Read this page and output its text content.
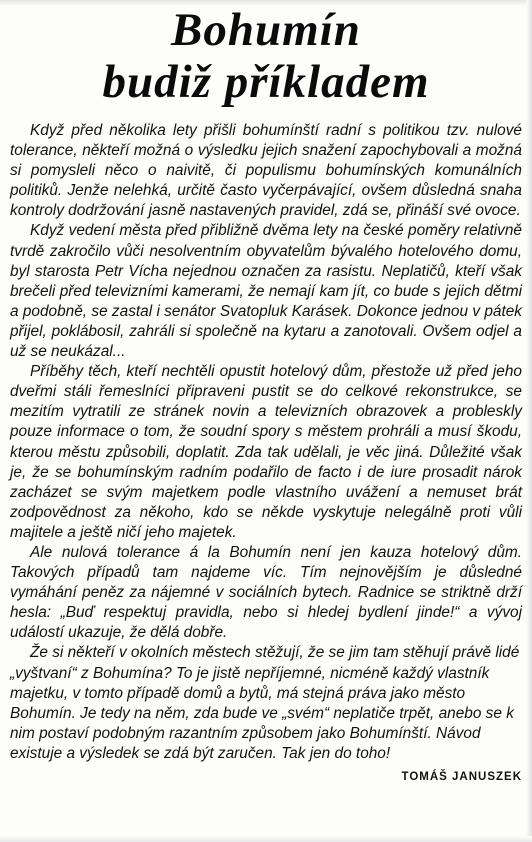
Bohumín
budiž příkladem

Když před několika lety přišli bohumínští radní s politikou tzv. nulové tolerance, někteří možná o výsledku jejich snažení zapochybovali a možná si pomysleli něco o naivitě, či populismu bohumínských komunálních politiků. Jenže nelehká, určitě často vyčerpávající, ovšem důsledná snaha kontroly dodržování jasně nastavených pravidel, zdá se, přináší své ovoce.

Když vedení města před přibližně dvěma lety na české poměry relativně tvrdě zakročilo vůči nesolventním obyvatelům bývalého hotelového domu, byl starosta Petr Vícha nejednou označen za rasistu. Neplatičů, kteří však brečeli před televizními kamerami, že nemají kam jít, co bude s jejich dětmi a podobně, se zastal i senátor Svatopluk Karásek. Dokonce jednou v pátek přijel, poklábosil, zahráli si společně na kytaru a zanotovali. Ovšem odjel a už se neukázal...

Příběhy těch, kteří nechtěli opustit hotelový dům, přestože už před jeho dveřmi stáli řemeslníci připraveni pustit se do celkové rekonstrukce, se mezitím vytratili ze stránek novin a televizních obrazovek a probleskly pouze informace o tom, že soudní spory s městem prohráli a musí škodu, kterou městu způsobili, doplatit. Zda tak udělali, je věc jiná. Důležité však je, že se bohumínským radním podařilo de facto i de iure prosadit nárok zacházet se svým majetkem podle vlastního uvážení a nemuset brát zodpovědnost za někoho, kdo se někde vyskytuje nelegálně proti vůli majitele a ještě ničí jeho majetek.

Ale nulová tolerance á la Bohumín není jen kauza hotelový dům. Takových případů tam najdeme víc. Tím nejnovějším je důsledné vymáhání peněz za nájemné v sociálních bytech. Radnice se striktně drží hesla: „Buď respektuj pravidla, nebo si hledej bydlení jinde!“ a vývoj událostí ukazuje, že dělá dobře.

Že si někteří v okolních městech stěžují, že se jim tam stěhují právě lidé „vyštvaní“ z Bohumína? To je jistě nepříjemné, nicméně každý vlastník majetku, v tomto případě domů a bytů, má stejná práva jako město Bohumín. Je tedy na něm, zda bude ve „svém“ neplatiče trpět, anebo se k nim postaví podobným razantním způsobem jako Bohumínští. Návod existuje a výsledek se zdá být zaručen. Tak jen do toho!
TOMÁŠ JANUSZEK
